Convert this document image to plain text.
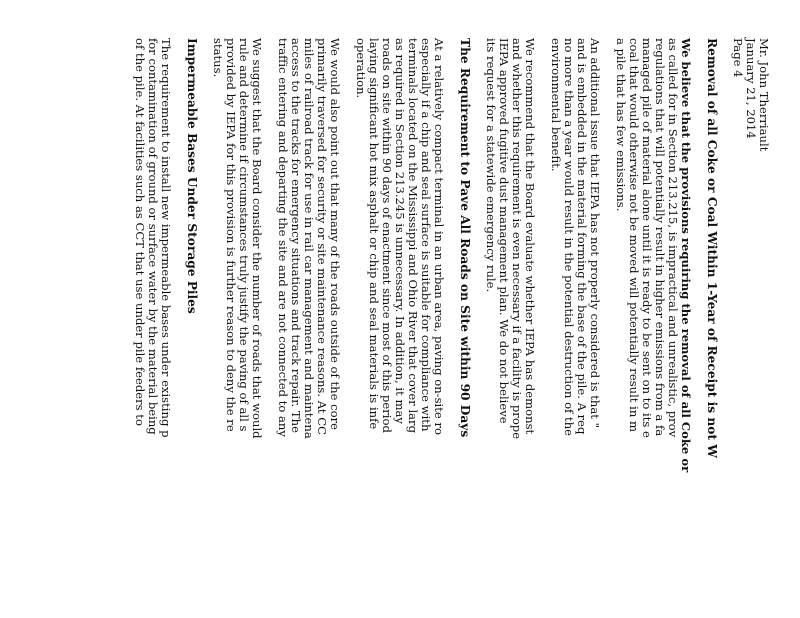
Mr. John Therriault
January 21, 2014
Page 4
Removal of all Coke or Coal Within 1-Year of Receipt is not W
We believe that the provisions requiring the removal of all Coke or
as called for in Section 213.215, is impractical and unrealistic, prov
regulations that will potentially result in higher emissions from a fa
managed pile of material alone until it is ready to be sent on to its e
coal that would otherwise not be moved will potentially result in m
a pile that has few emissions.
An additional issue that IEPA has not properly considered is that "
and is embedded in the material forming the base of the pile. A req
no more than a year would result in the potential destruction of the
environmental benefit.
We recommend that the Board evaluate whether IEPA has demonst
and whether this requirement is even necessary if a facility is prope
IEPA approved fugitive dust management plan. We do not believe
its request for a statewide emergency rule.
The Requirement to Pave All Roads on Site within 90 Days
At a relatively compact terminal in an urban area, paving on-site ro
especially if a chip and seal surface is suitable for compliance with
terminals located on the Mississippi and Ohio River that cover larg
as required in Section 213.245 is unnecessary. In addition, it may
roads on site within 90 days of enactment since most of this period
laying significant hot mix asphalt or chip and seal materials is infe
operation.
We would also point out that many of the roads outside of the core
primarily traversed for security or site maintenance reasons. At CC
miles of railroad track for use in rail car management and maintena
access to the tracks for emergency situations and track repair. The
traffic entering and departing the site and are not connected to any
We suggest that the Board consider the number of roads that would
rule and determine if circumstances truly justify the paving of all s
provided by IEPA for this provision is further reason to deny the re
status.
Impermeable Bases Under Storage Piles
The requirement to install new impermeable bases under existing p
for contamination of ground or surface water by the material being
of the pile. At facilities such as CCT that use under pile feeders to
